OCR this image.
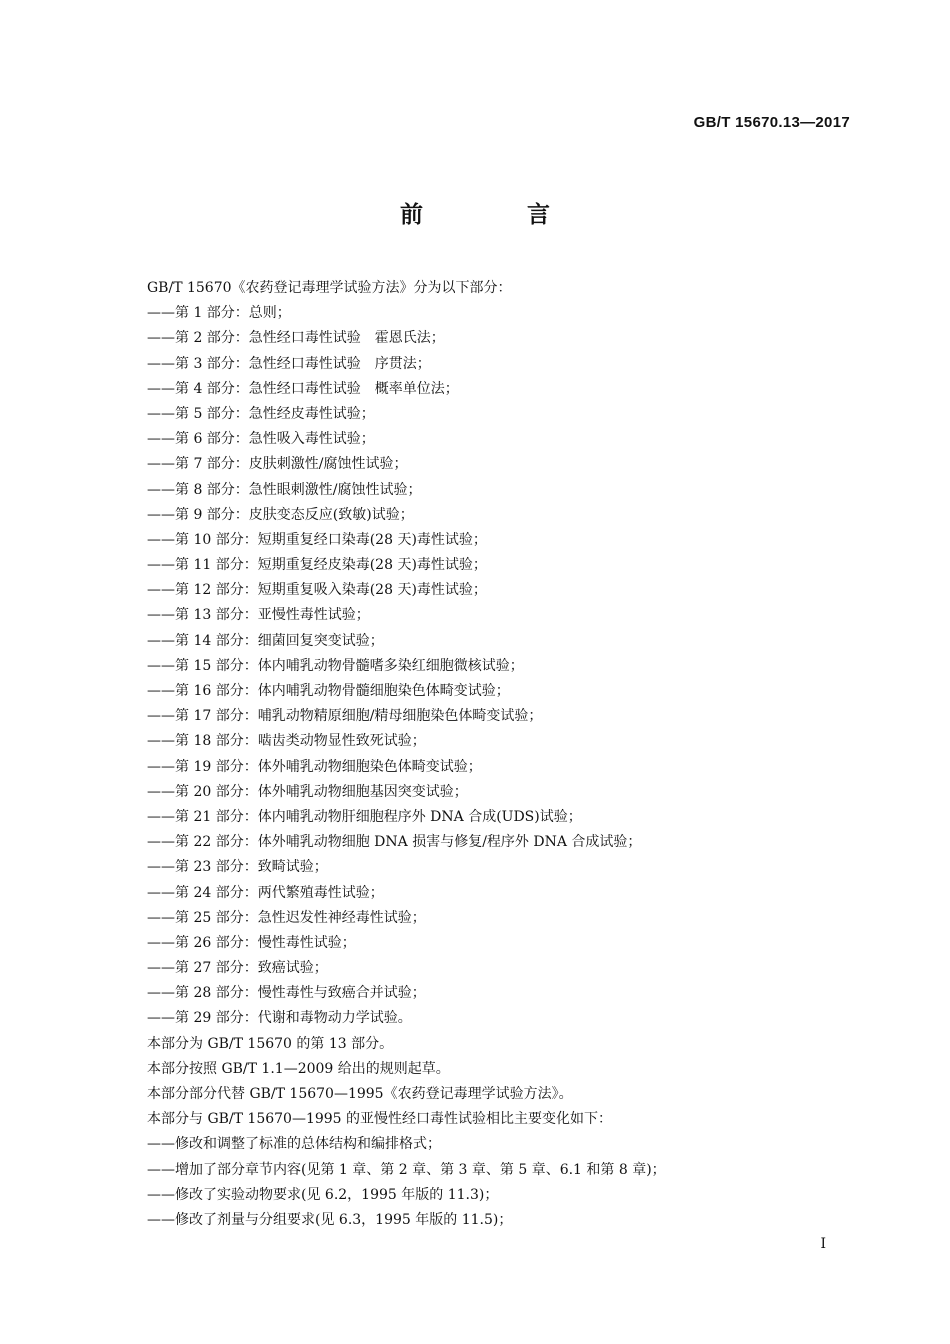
GB/T 15670.13—2017
前 言
GB/T 15670《农药登记毒理学试验方法》分为以下部分：
——第 1 部分：总则；
——第 2 部分：急性经口毒性试验　霍恩氏法；
——第 3 部分：急性经口毒性试验　序贯法；
——第 4 部分：急性经口毒性试验　概率单位法；
——第 5 部分：急性经皮毒性试验；
——第 6 部分：急性吸入毒性试验；
——第 7 部分：皮肤刺激性/腐蚀性试验；
——第 8 部分：急性眼刺激性/腐蚀性试验；
——第 9 部分：皮肤变态反应(致敏)试验；
——第 10 部分：短期重复经口染毒(28 天)毒性试验；
——第 11 部分：短期重复经皮染毒(28 天)毒性试验；
——第 12 部分：短期重复吸入染毒(28 天)毒性试验；
——第 13 部分：亚慢性毒性试验；
——第 14 部分：细菌回复突变试验；
——第 15 部分：体内哺乳动物骨髓嗜多染红细胞微核试验；
——第 16 部分：体内哺乳动物骨髓细胞染色体畸变试验；
——第 17 部分：哺乳动物精原细胞/精母细胞染色体畸变试验；
——第 18 部分：啮齿类动物显性致死试验；
——第 19 部分：体外哺乳动物细胞染色体畸变试验；
——第 20 部分：体外哺乳动物细胞基因突变试验；
——第 21 部分：体内哺乳动物肝细胞程序外 DNA 合成(UDS)试验；
——第 22 部分：体外哺乳动物细胞 DNA 损害与修复/程序外 DNA 合成试验；
——第 23 部分：致畸试验；
——第 24 部分：两代繁殖毒性试验；
——第 25 部分：急性迟发性神经毒性试验；
——第 26 部分：慢性毒性试验；
——第 27 部分：致癌试验；
——第 28 部分：慢性毒性与致癌合并试验；
——第 29 部分：代谢和毒物动力学试验。
本部分为 GB/T 15670 的第 13 部分。
本部分按照 GB/T 1.1—2009 给出的规则起草。
本部分部分代替 GB/T 15670—1995《农药登记毒理学试验方法》。
本部分与 GB/T 15670—1995 的亚慢性经口毒性试验相比主要变化如下：
——修改和调整了标准的总体结构和编排格式；
——增加了部分章节内容(见第 1 章、第 2 章、第 3 章、第 5 章、6.1 和第 8 章)；
——修改了实验动物要求(见 6.2，1995 年版的 11.3)；
——修改了剂量与分组要求(见 6.3，1995 年版的 11.5)；
I
